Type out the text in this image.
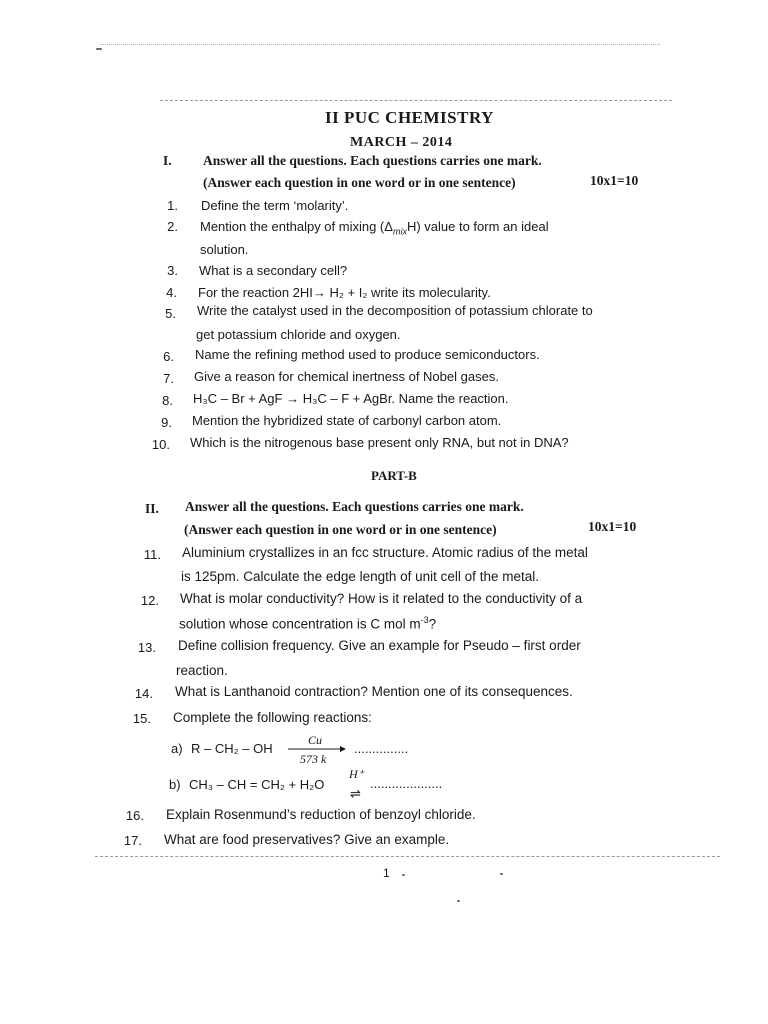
II PUC CHEMISTRY
MARCH – 2014
I. Answer all the questions. Each questions carries one mark.
(Answer each question in one word or in one sentence)	10x1=10
1. Define the term ‘molarity’.
2. Mention the enthalpy of mixing $(\Delta_{mix}H)$ value to form an ideal
solution.
3. What is a secondary cell?
4. For the reaction 2HI→ H₂ + I₂ write its molecularity.
5. Write the catalyst used in the decomposition of potassium chlorate to
get potassium chloride and oxygen.
6. Name the refining method used to produce semiconductors.
7. Give a reason for chemical inertness of Nobel gases.
8. H₃C – Br + AgF → H₃C – F + AgBr. Name the reaction.
9. Mention the hybridized state of carbonyl carbon atom.
10. Which is the nitrogenous base present only RNA, but not in DNA?
PART-B
II. Answer all the questions. Each questions carries one mark.
(Answer each question in one word or in one sentence)	10x1=10
11. Aluminium crystallizes in an fcc structure. Atomic radius of the metal
is 125pm. Calculate the edge length of unit cell of the metal.
12. What is molar conductivity? How is it related to the conductivity of a
solution whose concentration is C mol $m^{-3}$?
13. Define collision frequency. Give an example for Pseudo – first order
reaction.
14. What is Lanthanoid contraction? Mention one of its consequences.
15. Complete the following reactions:
a) R – CH₂ – OH
Cu
573 k
...............
b) CH₃ – CH = CH₂ + H₂O
H⁺
⇌
....................
16. Explain Rosenmund’s reduction of benzoyl chloride.
17. What are food preservatives? Give an example.
1
